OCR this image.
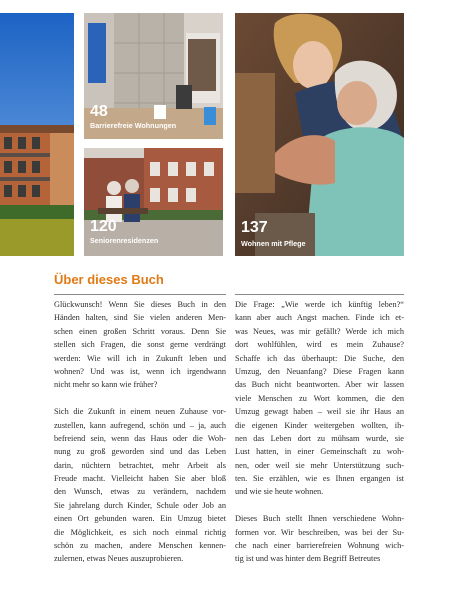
48
Barrierefreie Wohnungen
120
Seniorenresidenzen
137
Wohnen mit Pflege
Über dieses Buch
Glückwunsch! Wenn Sie dieses Buch in den
Händen halten, sind Sie vielen anderen Men-
schen einen großen Schritt voraus. Denn Sie
stellen sich Fragen, die sonst gerne verdrängt
werden: Wie will ich in Zukunft leben und
wohnen? Und was ist, wenn ich irgendwann
nicht mehr so kann wie früher?
Sich die Zukunft in einem neuen Zuhause vor-
zustellen, kann aufregend, schön und – ja, auch
befreiend sein, wenn das Haus oder die Woh-
nung zu groß geworden sind und das Leben
darin, nüchtern betrachtet, mehr Arbeit als
Freude macht. Vielleicht haben Sie aber bloß
den Wunsch, etwas zu verändern, nachdem
Sie jahrelang durch Kinder, Schule oder Job an
einen Ort gebunden waren. Ein Umzug bietet
die Möglichkeit, es sich noch einmal richtig
schön zu machen, andere Menschen kennen-
zulernen, etwas Neues auszuprobieren.
Die Frage: „Wie werde ich künftig leben?“
kann aber auch Angst machen. Finde ich et-
was Neues, was mir gefällt? Werde ich mich
dort wohlfühlen, wird es mein Zuhause?
Schaffe ich das überhaupt: Die Suche, den
Umzug, den Neuanfang? Diese Fragen kann
das Buch nicht beantworten. Aber wir lassen
viele Menschen zu Wort kommen, die den
Umzug gewagt haben – weil sie ihr Haus an
die eigenen Kinder weitergeben wollten, ih-
nen das Leben dort zu mühsam wurde, sie
Lust hatten, in einer Gemeinschaft zu woh-
nen, oder weil sie mehr Unterstützung such-
ten. Sie erzählen, wie es Ihnen ergangen ist
und wie sie heute wohnen.
Dieses Buch stellt Ihnen verschiedene Wohn-
formen vor. Wir beschreiben, was bei der Su-
che nach einer barrierefreien Wohnung wich-
tig ist und was hinter dem Begriff Betreutes
